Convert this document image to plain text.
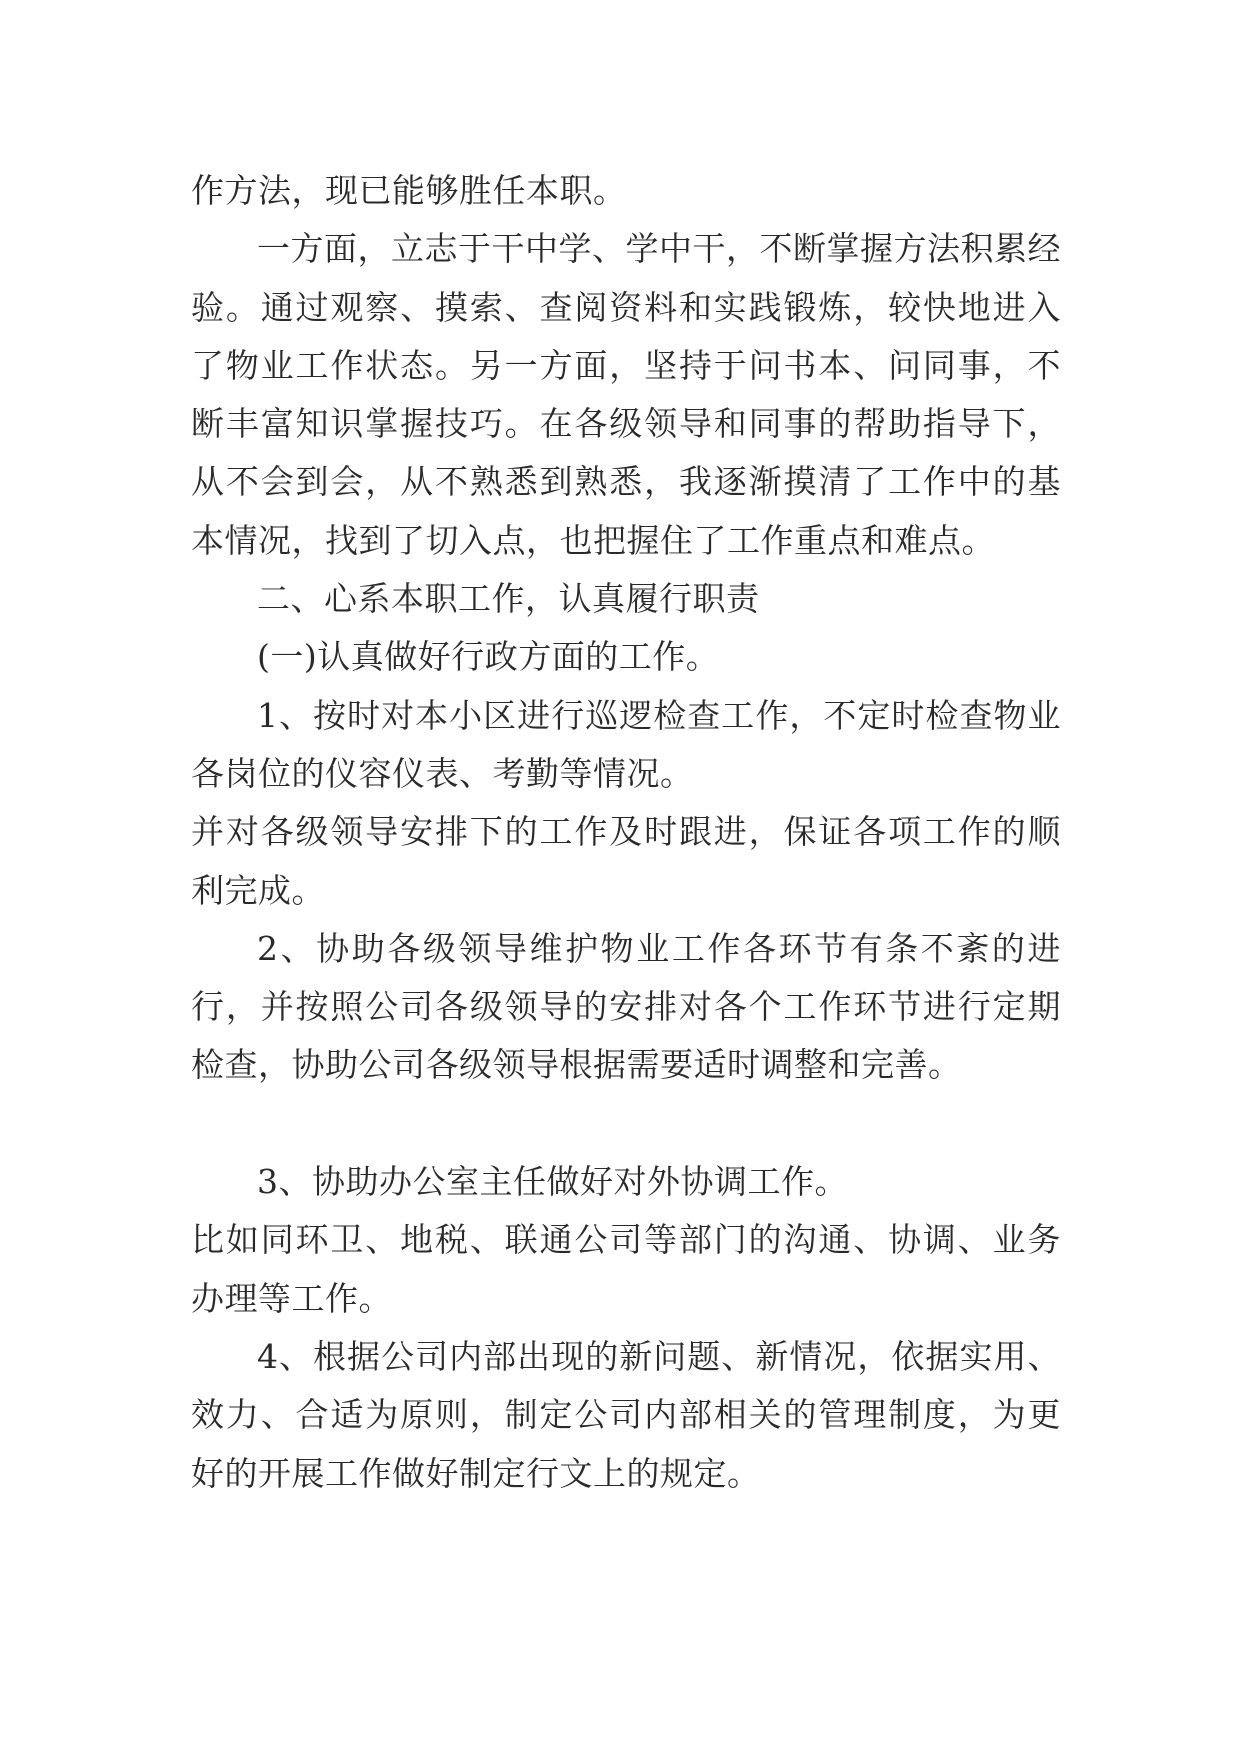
作方法，现已能够胜任本职。

一方面，立志于干中学、学中干，不断掌握方法积累经验。通过观察、摸索、查阅资料和实践锻炼，较快地进入了物业工作状态。另一方面，坚持于问书本、问同事，不断丰富知识掌握技巧。在各级领导和同事的帮助指导下，从不会到会，从不熟悉到熟悉，我逐渐摸清了工作中的基本情况，找到了切入点，也把握住了工作重点和难点。

二、心系本职工作，认真履行职责

(一)认真做好行政方面的工作。

1、按时对本小区进行巡逻检查工作，不定时检查物业各岗位的仪容仪表、考勤等情况。

并对各级领导安排下的工作及时跟进，保证各项工作的顺利完成。

2、协助各级领导维护物业工作各环节有条不紊的进行，并按照公司各级领导的安排对各个工作环节进行定期检查，协助公司各级领导根据需要适时调整和完善。

3、协助办公室主任做好对外协调工作。

比如同环卫、地税、联通公司等部门的沟通、协调、业务办理等工作。

4、根据公司内部出现的新问题、新情况，依据实用、效力、合适为原则，制定公司内部相关的管理制度，为更好的开展工作做好制定行文上的规定。
